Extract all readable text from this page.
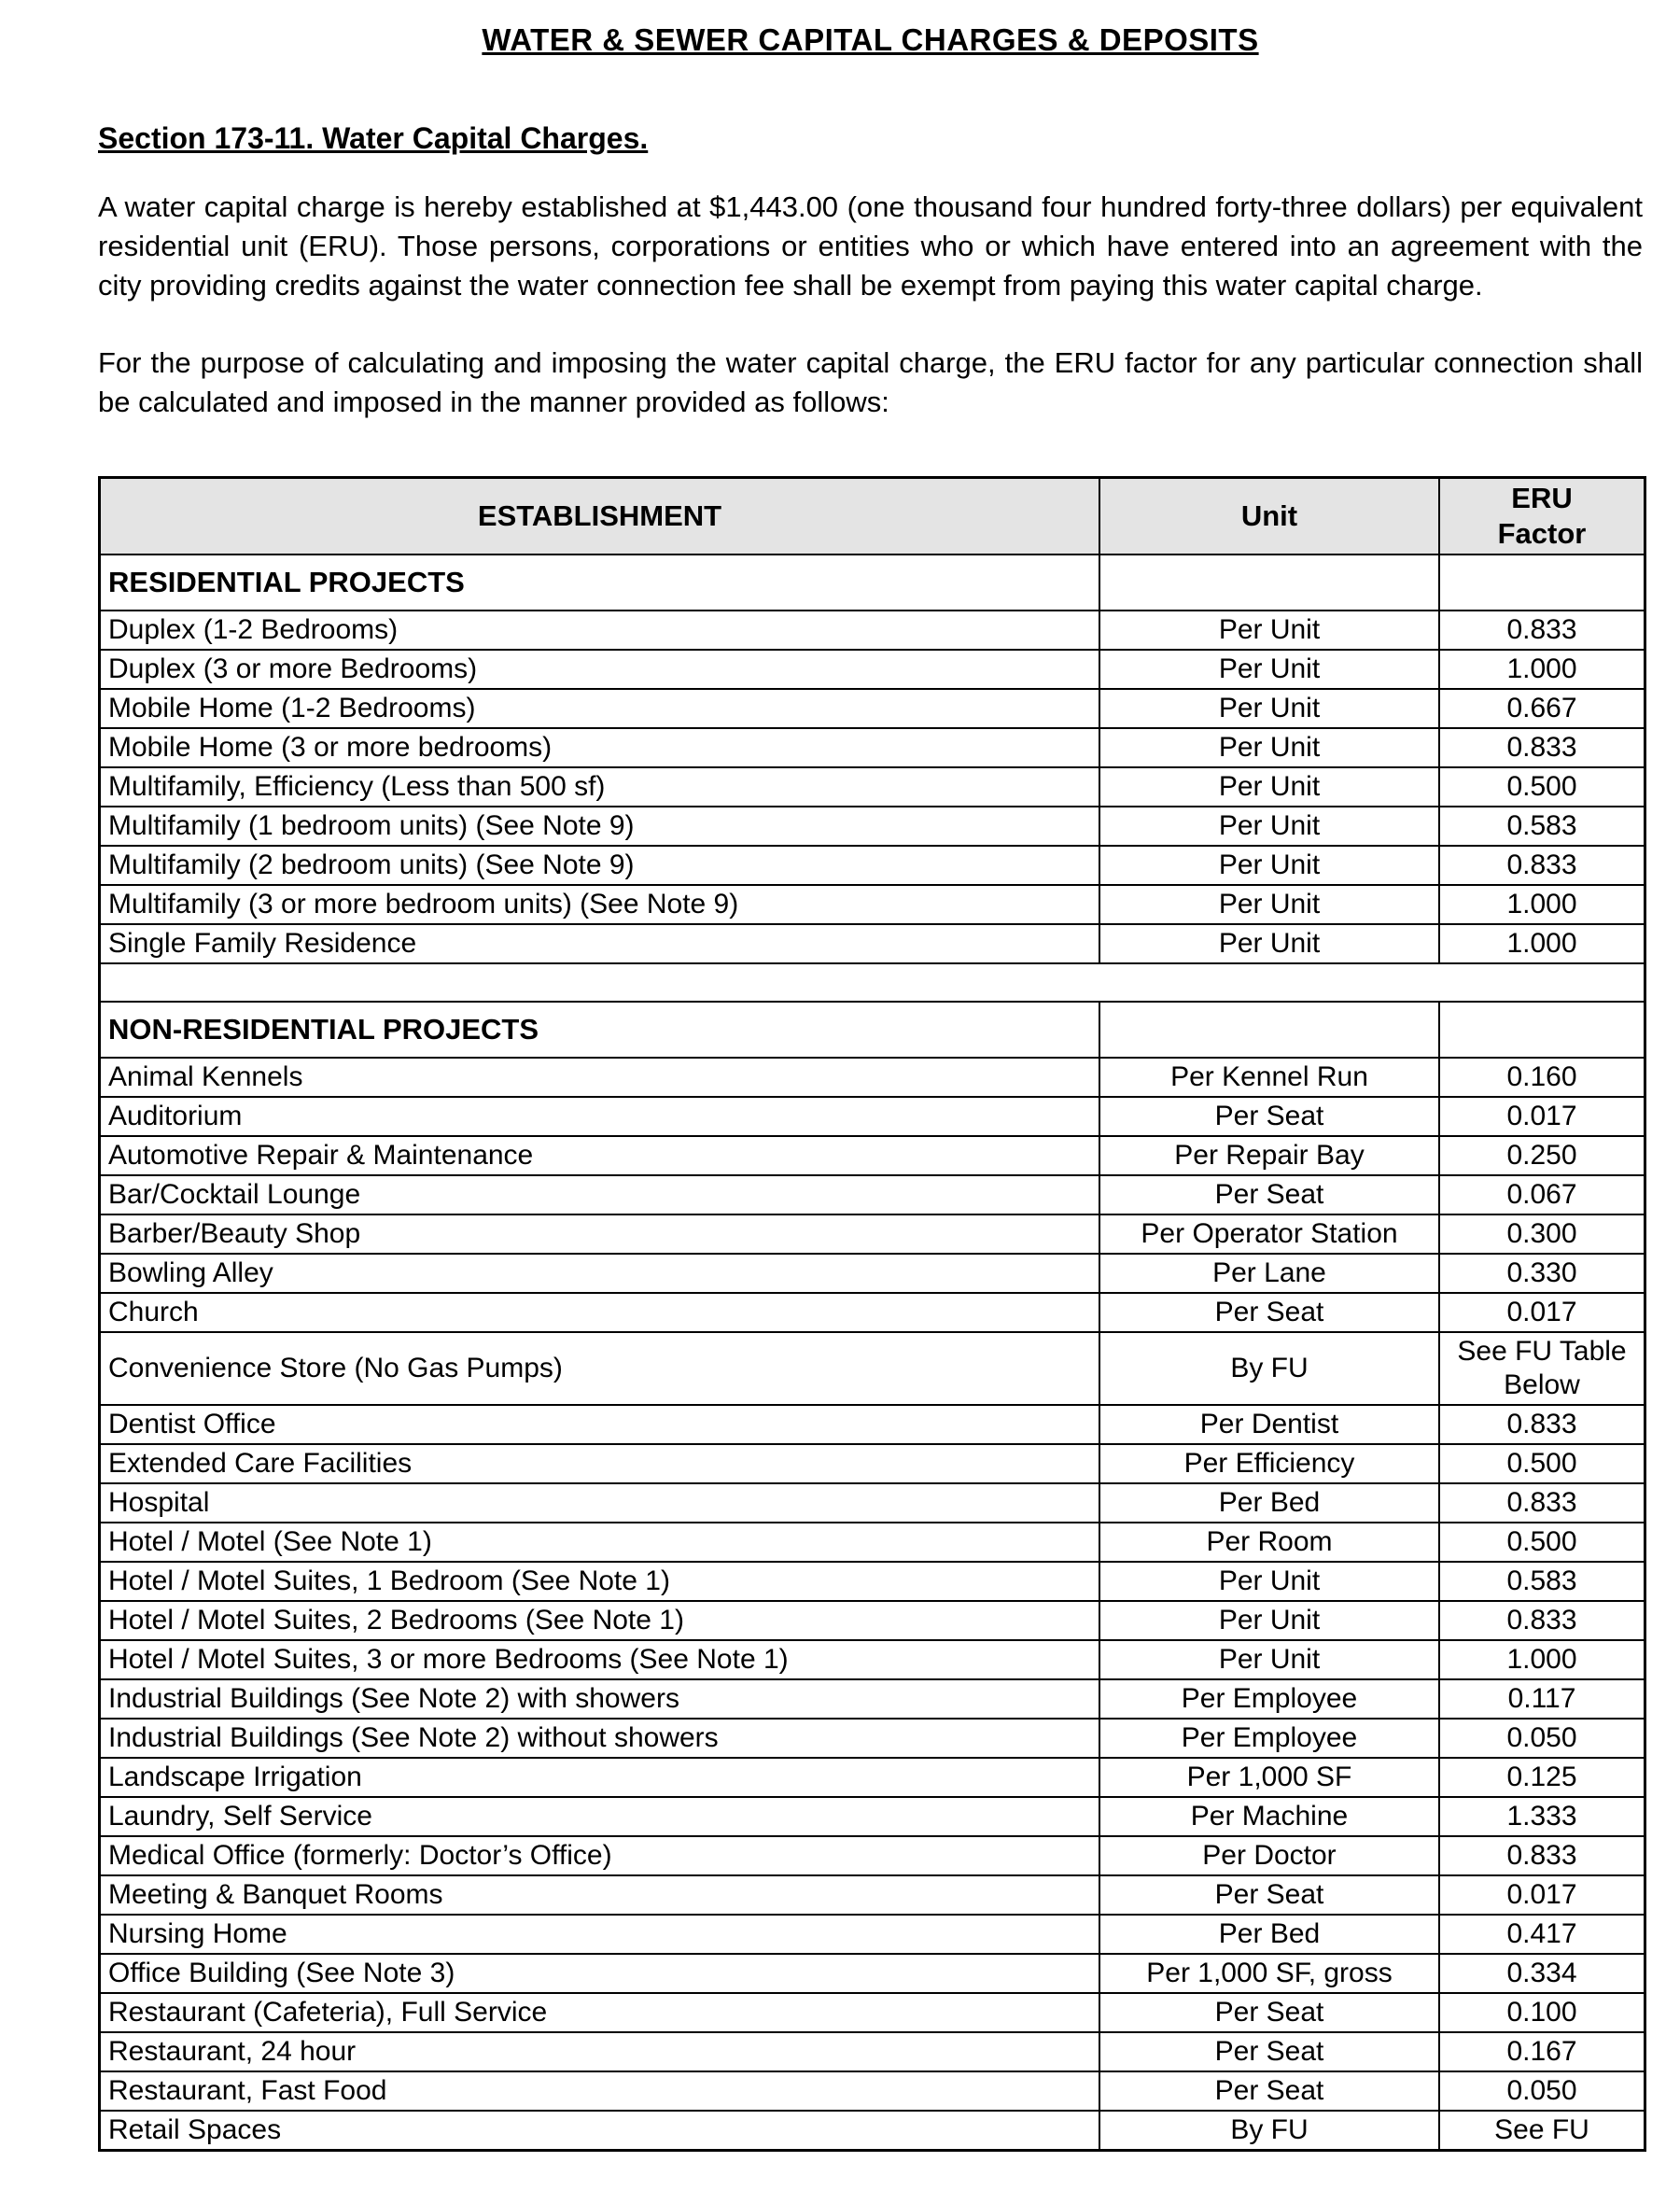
WATER & SEWER CAPITAL CHARGES & DEPOSITS
Section 173-11. Water Capital Charges.

A water capital charge is hereby established at $1,443.00 (one thousand four hundred forty-three dollars) per equivalent residential unit (ERU). Those persons, corporations or entities who or which have entered into an agreement with the city providing credits against the water connection fee shall be exempt from paying this water capital charge.

For the purpose of calculating and imposing the water capital charge, the ERU factor for any particular connection shall be calculated and imposed in the manner provided as follows:

ESTABLISHMENT	Unit	ERU
Factor

RESIDENTIAL PROJECTS		
Duplex (1-2 Bedrooms)	Per Unit	0.833
Duplex (3 or more Bedrooms)	Per Unit	1.000
Mobile Home (1-2 Bedrooms)	Per Unit	0.667
Mobile Home (3 or more bedrooms)	Per Unit	0.833
Multifamily, Efficiency (Less than 500 sf)	Per Unit	0.500
Multifamily (1 bedroom units) (See Note 9)	Per Unit	0.583
Multifamily (2 bedroom units) (See Note 9)	Per Unit	0.833
Multifamily (3 or more bedroom units) (See Note 9)	Per Unit	1.000
Single Family Residence	Per Unit	1.000

NON-RESIDENTIAL PROJECTS		
Animal Kennels	Per Kennel Run	0.160
Auditorium	Per Seat	0.017
Automotive Repair & Maintenance	Per Repair Bay	0.250
Bar/Cocktail Lounge	Per Seat	0.067
Barber/Beauty Shop	Per Operator Station	0.300
Bowling Alley	Per Lane	0.330
Church	Per Seat	0.017
Convenience Store (No Gas Pumps)	By FU	See FU Table Below
Dentist Office	Per Dentist	0.833
Extended Care Facilities	Per Efficiency	0.500
Hospital	Per Bed	0.833
Hotel / Motel (See Note 1)	Per Room	0.500
Hotel / Motel Suites, 1 Bedroom (See Note 1)	Per Unit	0.583
Hotel / Motel Suites, 2 Bedrooms (See Note 1)	Per Unit	0.833
Hotel / Motel Suites, 3 or more Bedrooms (See Note 1)	Per Unit	1.000
Industrial Buildings (See Note 2) with showers	Per Employee	0.117
Industrial Buildings (See Note 2) without showers	Per Employee	0.050
Landscape Irrigation	Per 1,000 SF	0.125
Laundry, Self Service	Per Machine	1.333
Medical Office (formerly: Doctor’s Office)	Per Doctor	0.833
Meeting & Banquet Rooms	Per Seat	0.017
Nursing Home	Per Bed	0.417
Office Building (See Note 3)	Per 1,000 SF, gross	0.334
Restaurant (Cafeteria), Full Service	Per Seat	0.100
Restaurant, 24 hour	Per Seat	0.167
Restaurant, Fast Food	Per Seat	0.050
Retail Spaces	By FU	See FU
